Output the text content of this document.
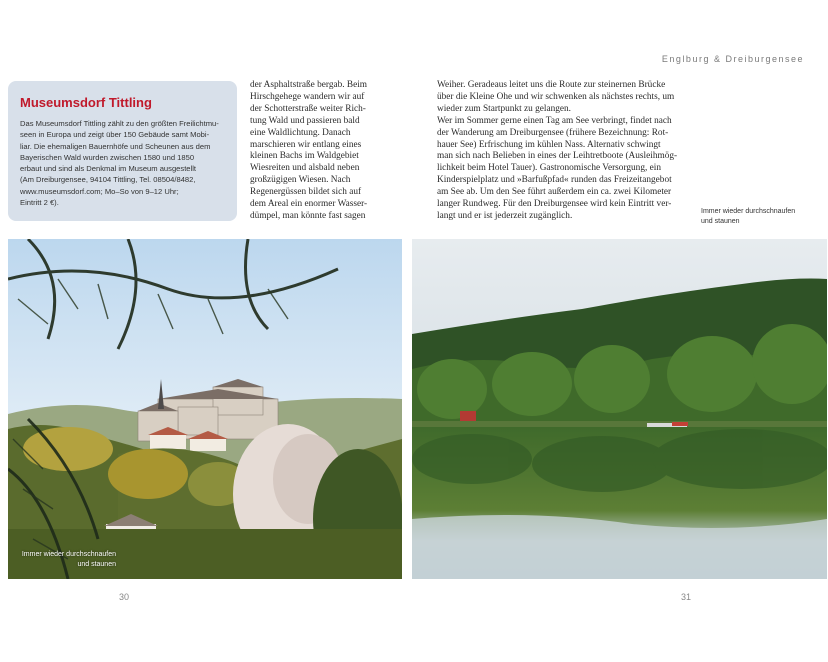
Englburg & Dreiburgensee
Museumsdorf Tittling
Das Museumsdorf Tittling zählt zu den größten Freilichtmu-
seen in Europa und zeigt über 150 Gebäude samt Mobi-
liar. Die ehemaligen Bauernhöfe und Scheunen aus dem
Bayerischen Wald wurden zwischen 1580 und 1850
erbaut und sind als Denkmal im Museum ausgestellt
(Am Dreiburgensee, 94104 Tittling, Tel. 08504/8482,
www.museumsdorf.com; Mo–So von 9–12 Uhr;
Eintritt 2 €).
der Asphaltstraße bergab. Beim
Hirschgehege wandern wir auf
der Schotterstraße weiter Rich-
tung Wald und passieren bald
eine Waldlichtung. Danach
marschieren wir entlang eines
kleinen Bachs im Waldgebiet
Wiesreiten und alsbald neben
großzügigen Wiesen. Nach
Regenergüssen bildet sich auf
dem Areal ein enormer Wasser-
dümpel, man könnte fast sagen
Weiher. Geradeaus leitet uns die Route zur steinernen Brücke
über die Kleine Ohe und wir schwenken als nächstes rechts, um
wieder zum Startpunkt zu gelangen.
Wer im Sommer gerne einen Tag am See verbringt, findet nach
der Wanderung am Dreiburgensee (frühere Bezeichnung: Rot-
hauer See) Erfrischung im kühlen Nass. Alternativ schwingt
man sich nach Belieben in eines der Leihtretboote (Ausleihmög-
lichkeit beim Hotel Tauer). Gastronomische Versorgung, ein
Kinderspielplatz und »Barfußpfad« runden das Freizeitangebot
am See ab. Um den See führt außerdem ein ca. zwei Kilometer
langer Rundweg. Für den Dreiburgensee wird kein Eintritt ver-
langt und er ist jederzeit zugänglich.	Immer wieder durchschnaufen
und staunen
Immer wieder durchschnaufen
und staunen
30	31
